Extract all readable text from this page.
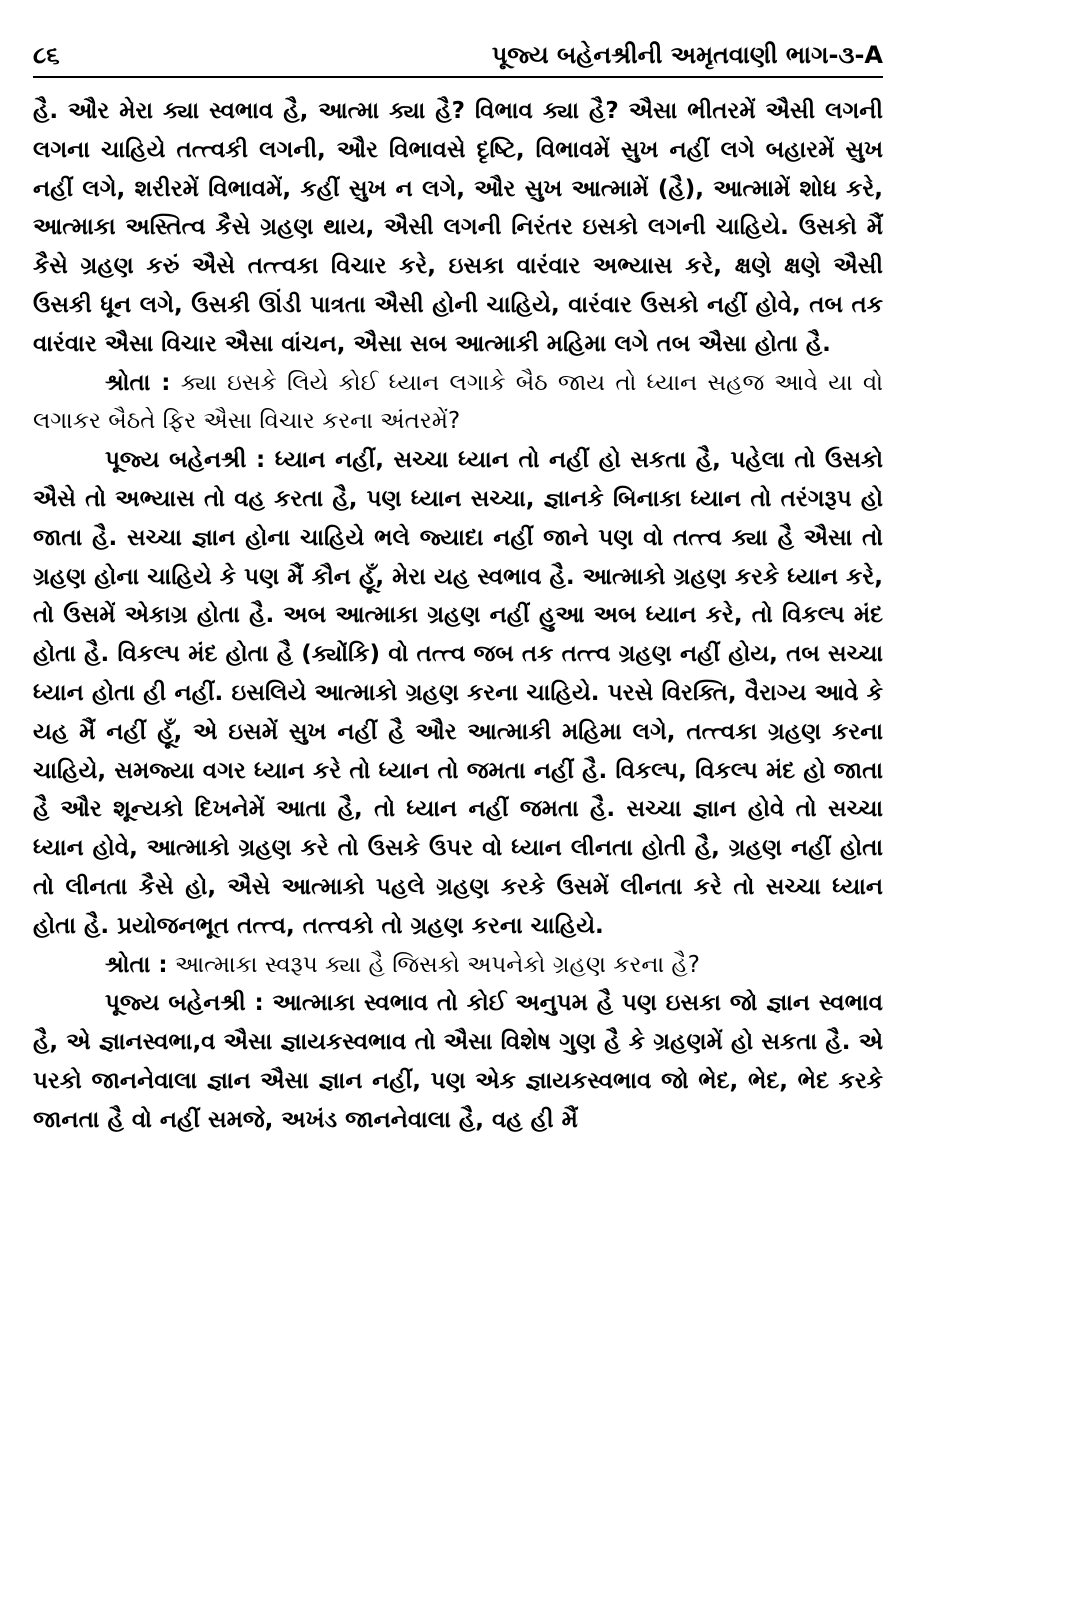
૮૬	પૂજ્ય બહેનશ્રીની અમૃતવાણી ભાગ-૩-A

હૈ. ઔર મેરા ક્યા સ્વભાવ હૈ, આત્મા ક્યા હૈ? વિભાવ ક્યા હૈ? ઐસા ભીતરમેં ઐસી લગની લગના ચાહિયે તત્ત્વકી લગની, ઔર વિભાવસે દૃષ્ટિ, વિભાવમેં સુખ નહીં લગે બહારમેં સુખ નહીં લગે, શરીરમેં વિભાવમેં, કહીં સુખ ન લગે, ઔર સુખ આત્મામેં (હૈ), આત્મામેં શોધ કરે, આત્માકા અસ્તિત્વ કૈસે ગ્રહણ થાય, ઐસી લગની નિરંતર ઇસકો લગની ચાહિયે. ઉસકો મૈં કૈસે ગ્રહણ કરું ઐસે તત્ત્વકા વિચાર કરે, ઇસકા વારંવાર અભ્યાસ કરે, ક્ષણે ક્ષણે ઐસી ઉસકી ધૂન લગે, ઉસકી ઊંડી પાત્રતા ઐસી હોની ચાહિયે, વારંવાર ઉસકો નહીં હોવે, તબ તક વારંવાર ઐસા વિચાર ઐસા વાંચન, ઐસા સબ આત્માકી મહિમા લગે તબ ઐસા હોતા હૈ.

શ્રોતા : ક્યા ઇસકે લિયે કોઈ ધ્યાન લગાકે બૈઠ જાય તો ધ્યાન સહજ આવે યા વો લગાકર બૈઠતે ફિર ઐસા વિચાર કરના અંતરમેં?

પૂજ્ય બહેનશ્રી : ધ્યાન નહીં, સચ્ચા ધ્યાન તો નહીં હો સકતા હૈ, પહેલા તો ઉસકો ઐસે તો અભ્યાસ તો વહ કરતા હૈ, પણ ધ્યાન સચ્ચા, જ્ઞાનકે બિનાકા ધ્યાન તો તરંગરૂપ હો જાતા હૈ. સચ્ચા જ્ઞાન હોના ચાહિયે ભલે જ્યાદા નહીં જાને પણ વો તત્ત્વ ક્યા હૈ ઐસા તો ગ્રહણ હોના ચાહિયે કે પણ મૈં કૌન હૂઁ, મેરા યહ સ્વભાવ હૈ. આત્માકો ગ્રહણ કરકે ધ્યાન કરે, તો ઉસમેં એકાગ્ર હોતા હૈ. અબ આત્માકા ગ્રહણ નહીં હુઆ અબ ધ્યાન કરે, તો વિકલ્પ મંદ હોતા હૈ. વિકલ્પ મંદ હોતા હૈ (ક્યોંકિ) વો તત્ત્વ જબ તક તત્ત્વ ગ્રહણ નહીં હોય, તબ સચ્ચા ધ્યાન હોતા હી નહીં. ઇસલિયે આત્માકો ગ્રહણ કરના ચાહિયે. પરસે વિરક્તિ, વૈરાગ્ય આવે કે યહ મૈં નહીં હૂઁ, એ ઇસમેં સુખ નહીં હૈ ઔર આત્માકી મહિમા લગે, તત્ત્વકા ગ્રહણ કરના ચાહિયે, સમજ્યા વગર ધ્યાન કરે તો ધ્યાન તો જમતા નહીં હૈ. વિકલ્પ, વિકલ્પ મંદ હો જાતા હૈ ઔર શૂન્યકો દિખનેમેં આતા હૈ, તો ધ્યાન નહીં જમતા હૈ. સચ્ચા જ્ઞાન હોવે તો સચ્ચા ધ્યાન હોવે, આત્માકો ગ્રહણ કરે તો ઉસકે ઉપર વો ધ્યાન લીનતા હોતી હૈ, ગ્રહણ નહીં હોતા તો લીનતા કૈસે હો, ઐસે આત્માકો પહલે ગ્રહણ કરકે ઉસમેં લીનતા કરે તો સચ્ચા ધ્યાન હોતા હૈ. પ્રયોજનભૂત તત્ત્વ, તત્ત્વકો તો ગ્રહણ કરના ચાહિયે.

શ્રોતા : આત્માકા સ્વરૂપ ક્યા હૈ જિસકો અપનેકો ગ્રહણ કરના હૈ?

પૂજ્ય બહેનશ્રી : આત્માકા સ્વભાવ તો કોઈ અનુપમ હૈ પણ ઇસકા જો જ્ઞાન સ્વભાવ હૈ, એ જ્ઞાનસ્વભા,વ ઐસા જ્ઞાયકસ્વભાવ તો ઐસા વિશેષ ગુણ હૈ કે ગ્રહણમેં હો સકતા હૈ. એ પરકો જાનનેવાલા જ્ઞાન ઐસા જ્ઞાન નહીં, પણ એક જ્ઞાયકસ્વભાવ જો ભેદ, ભેદ, ભેદ કરકે જાનતા હૈ વો નહીં સમજે, અખંડ જાનનેવાલા હૈ, વહ હી મૈં
